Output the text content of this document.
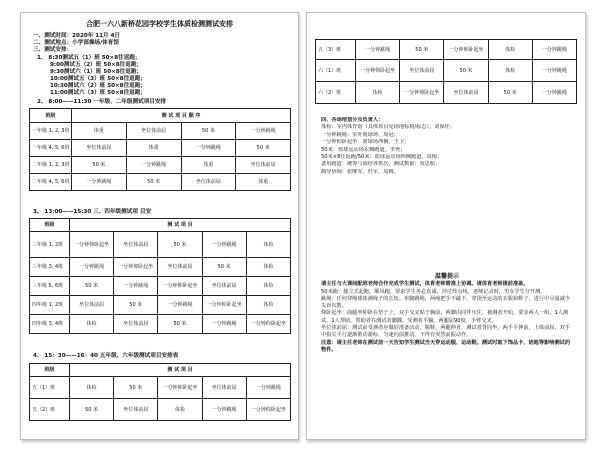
合肥一六八新桥花园学校学生体质检测测试安排
一、测试时间：2020年 11月 4日
二、测试地点：小学部操场/体育馆
三、测试安排：
1、 8:30测试五（1）班 50×8往返跑；
9:00测试五（2）班 50×8往返跑；
9:30测试六（1）班 50×8往返跑；
10:00测试五（3）班 50×8往返跑；
10:30测试六（2）班 50×8往返跑；
11:00测试六（3）班 50×8往返跑；
2、 8:00——11:30 一年级、二年级测试项目安排
班级	测 试 项 目 顺 序			
一年级 1, 2, 3班	体重	坐位体前屈	50 米	一分钟跳绳
一年级 4, 5, 6班	坐位体前屈	体重	一分钟跳绳	50 米
二年级 1, 2, 3班	50 米	一分钟跳绳	体重	坐位体前屈
二年级 4, 5, 6班	一分钟跳绳	50 米	坐位体前屈	体重
3、 13:00——15:30 三、四年级测试项 目安
班级	测 试 项 目				
三年级 1, 2班	一分钟仰卧起坐	坐位体前屈	50 米	一分钟跳绳	体检
三年级 3, 4班	一分钟跳绳	一分钟仰卧起坐	坐位体前屈	50 米	体检
三年级 5, 6班	50 米	一分钟跳绳	一分钟仰卧起坐	坐位体前屈	体检
四年级 1, 2班	坐位体前屈	50 米	一分钟跳绳	一分钟仰卧起坐	体检
四年级 3, 4班	体检	坐位体前屈	50 米	一分钟跳绳	一分钟仰卧起坐
4、 15：30——16：40 五年级、六年级测试项目安排表
班级	测 试 项 目				
五（1）班	体检	50 米	一分钟仰卧起坐	坐位体前屈	一分钟跳绳
五（2）班	50 米	坐位体前屈	体检	一分钟跳绳	一分钟仰卧起坐
五（3）班	一分钟跳绳	50 米	一分钟仰卧起坐	体检	一分钟跳绳
六（1）班	一分钟仰卧起坐	坐位体前屈	50 米	体检	一分钟跳绳
六（2）班	体检	一分钟仰卧起坐	坐位体前屈	50 米	一分钟跳绳
四、各场地划分及负责人：
体检：室内体育馆（具体项目见场地标树/标志），刘保佳；
一分钟跳绳：室外篮球场，周冠；
一分钟仰卧起坐：篮球场西侧，王卫；
50米：篮球运动场东侧跑道，李秀；
50米×8往返跑/50米：篮球运动场西侧跑道，周梅；
备用跑道：统筹与调停各班次，测试数据：贾思航；
疏导协调：张继军、杜军、周梅。
温馨提示

请主任与大课间配班老师合作完成学生测试，体育老师需准上协调。请体育老师提前准备。

50米跑：独立式起跑，顺风跑，要求学生务必真诚，冲过终点线，老师记录时，男女学生分开测。

跳绳：任何穿绳球体测绳子的长短。单脚跳绳，两绳把手不敲下，穿围至运动的衣服和鞋子，进行中尽量减少失误次数。

仰卧起坐：曲腿坐仰卧在垫子上，双手交叉贴于胸前，两脚由同伴压住。被测者开始，要求两人一组，1人测试，1人帮助。帮助者在测试者脚踝，受测者平躺，两腿屈90度，手臂交叉。

坐位体前屈：测试前受测者应做好准备活动，脱鞋，两腿伸直，测试者背向坐，两手平伸前，上体前屈，双手中指尖平行逐渐推动游标，匀速向前推动，不得有突然前振动作。

注意：请主任老师在测试前一天告知学生测试当天穿运动服、运动鞋。测试时取下饰品卡、钥匙等影响测试的物件。
